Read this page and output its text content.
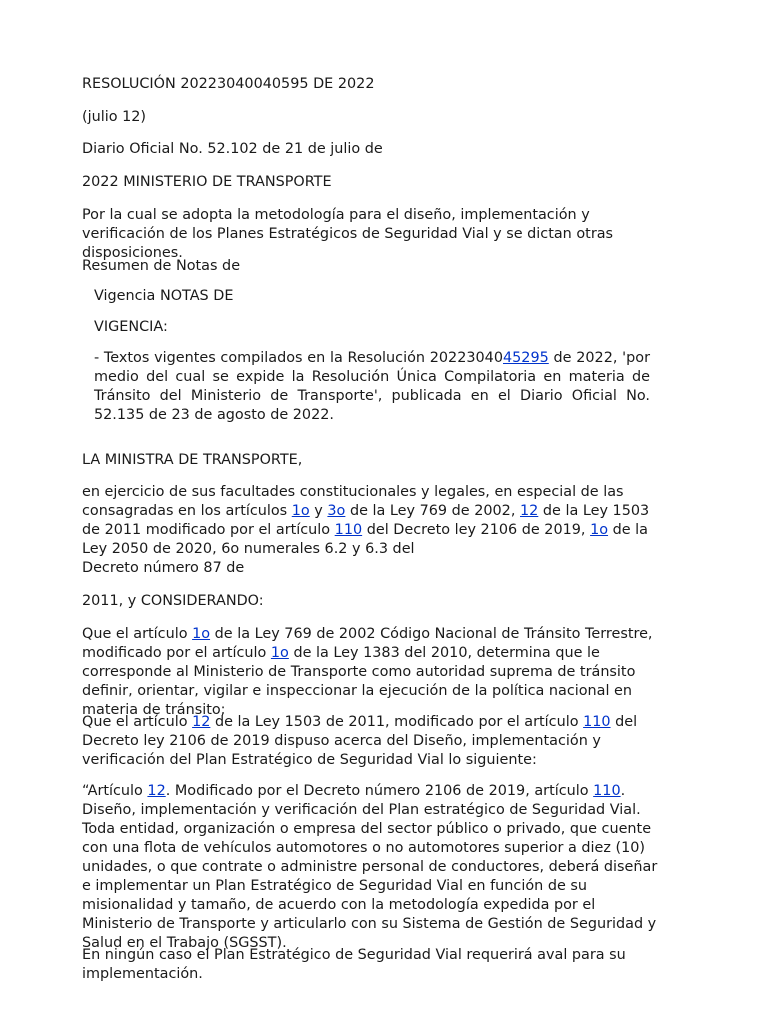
RESOLUCIÓN 20223040040595 DE 2022

(julio 12)

Diario Oficial No. 52.102 de 21 de julio de

2022 MINISTERIO DE TRANSPORTE

Por la cual se adopta la metodología para el diseño, implementación y verificación de los Planes Estratégicos de Seguridad Vial y se dictan otras disposiciones.

Resumen de Notas de

Vigencia NOTAS DE

VIGENCIA:

- Textos vigentes compilados en la Resolución 2022304045295 de 2022, 'por medio del cual se expide la Resolución Única Compilatoria en materia de Tránsito del Ministerio de Transporte', publicada en el Diario Oficial No. 52.135 de 23 de agosto de 2022.

LA MINISTRA DE TRANSPORTE,

en ejercicio de sus facultades constitucionales y legales, en especial de las consagradas en los artículos 1o y 3o de la Ley 769 de 2002, 12 de la Ley 1503 de 2011 modificado por el artículo 110 del Decreto ley 2106 de 2019, 1o de la Ley 2050 de 2020, 6o numerales 6.2 y 6.3 del
Decreto número 87 de

2011, y CONSIDERANDO:

Que el artículo 1o de la Ley 769 de 2002 Código Nacional de Tránsito Terrestre, modificado por el artículo 1o de la Ley 1383 del 2010, determina que le corresponde al Ministerio de Transporte como autoridad suprema de tránsito definir, orientar, vigilar e inspeccionar la ejecución de la política nacional en materia de tránsito;

Que el artículo 12 de la Ley 1503 de 2011, modificado por el artículo 110 del Decreto ley 2106 de 2019 dispuso acerca del Diseño, implementación y verificación del Plan Estratégico de Seguridad Vial lo siguiente:

“Artículo 12. Modificado por el Decreto número 2106 de 2019, artículo 110. Diseño, implementación y verificación del Plan estratégico de Seguridad Vial. Toda entidad, organización o empresa del sector público o privado, que cuente con una flota de vehículos automotores o no automotores superior a diez (10) unidades, o que contrate o administre personal de conductores, deberá diseñar e implementar un Plan Estratégico de Seguridad Vial en función de su misionalidad y tamaño, de acuerdo con la metodología expedida por el Ministerio de Transporte y articularlo con su Sistema de Gestión de Seguridad y Salud en el Trabajo (SGSST).

En ningún caso el Plan Estratégico de Seguridad Vial requerirá aval para su implementación.
